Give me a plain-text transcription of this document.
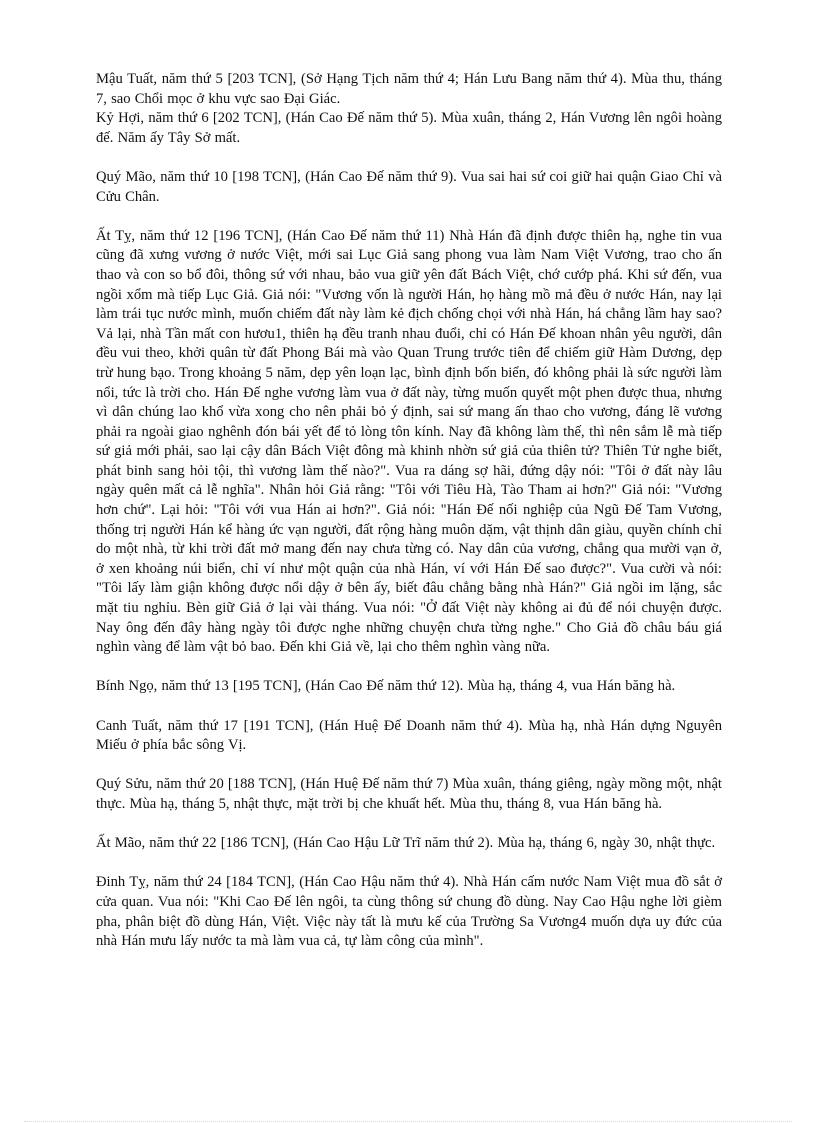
Mậu Tuất, năm thứ 5 [203 TCN], (Sở Hạng Tịch năm thứ 4; Hán Lưu Bang năm thứ 4). Mùa thu, tháng 7, sao Chổi mọc ở khu vực sao Đại Giác.

Kỷ Hợi, năm thứ 6 [202 TCN], (Hán Cao Đế năm thứ 5). Mùa xuân, tháng 2, Hán Vương lên ngôi hoàng đế. Năm ấy Tây Sở mất.

Quý Mão, năm thứ 10 [198 TCN], (Hán Cao Đế năm thứ 9). Vua sai hai sứ coi giữ hai quận Giao Chỉ và Cửu Chân.

Ất Tỵ, năm thứ 12 [196 TCN], (Hán Cao Đế năm thứ 11) Nhà Hán đã định được thiên hạ, nghe tin vua cũng đã xưng vương ở nước Việt, mới sai Lục Giả sang phong vua làm Nam Việt Vương, trao cho ấn thao và con so bổ đôi, thông sứ với nhau, bảo vua giữ yên đất Bách Việt, chớ cướp phá. Khi sứ đến, vua ngồi xổm mà tiếp Lục Giả. Giả nói: "Vương vốn là người Hán, họ hàng mồ mả đều ở nước Hán, nay lại làm trái tục nước mình, muốn chiếm đất này làm kẻ địch chống chọi với nhà Hán, há chẳng lầm hay sao? Vả lại, nhà Tần mất con hươu1, thiên hạ đều tranh nhau đuổi, chỉ có Hán Đế khoan nhân yêu người, dân đều vui theo, khởi quân từ đất Phong Bái mà vào Quan Trung trước tiên để chiếm giữ Hàm Dương, dẹp trừ hung bạo. Trong khoảng 5 năm, dẹp yên loạn lạc, bình định bốn biển, đó không phải là sức người làm nổi, tức là trời cho. Hán Đế nghe vương làm vua ở đất này, từng muốn quyết một phen được thua, nhưng vì dân chúng lao khổ vừa xong cho nên phải bỏ ý định, sai sứ mang ấn thao cho vương, đáng lẽ vương phải ra ngoài giao nghênh đón bái yết để tỏ lòng tôn kính. Nay đã không làm thế, thì nên sắm lễ mà tiếp sứ giả mới phải, sao lại cậy dân Bách Việt đông mà khinh nhờn sứ giả của thiên tử? Thiên Tử nghe biết, phát binh sang hỏi tội, thì vương làm thế nào?". Vua ra dáng sợ hãi, đứng dậy nói: "Tôi ở đất này lâu ngày quên mất cả lễ nghĩa". Nhân hỏi Giả rằng: "Tôi với Tiêu Hà, Tào Tham ai hơn?" Giả nói: "Vương hơn chứ". Lại hỏi: "Tôi với vua Hán ai hơn?". Giả nói: "Hán Đế nối nghiệp của Ngũ Đế Tam Vương, thống trị người Hán kể hàng ức vạn người, đất rộng hàng muôn dặm, vật thịnh dân giàu, quyền chính chỉ do một nhà, từ khi trời đất mở mang đến nay chưa từng có. Nay dân của vương, chẳng qua mười vạn ở, ở xen khoảng núi biển, chỉ ví như một quận của nhà Hán, ví với Hán Đế sao được?". Vua cười và nói: "Tôi lấy làm giận không được nổi dậy ở bên ấy, biết đâu chẳng bằng nhà Hán?" Giả ngồi im lặng, sắc mặt tiu nghỉu. Bèn giữ Giả ở lại vài tháng. Vua nói: "Ở đất Việt này không ai đủ để nói chuyện được. Nay ông đến đây hàng ngày tôi được nghe những chuyện chưa từng nghe." Cho Giả đồ châu báu giá nghìn vàng để làm vật bỏ bao. Đến khi Giả về, lại cho thêm nghìn vàng nữa.

Bính Ngọ, năm thứ 13 [195 TCN], (Hán Cao Đế năm thứ 12). Mùa hạ, tháng 4, vua Hán băng hà.

Canh Tuất, năm thứ 17 [191 TCN], (Hán Huệ Đế Doanh năm thứ 4). Mùa hạ, nhà Hán dựng Nguyên Miếu ở phía bắc sông Vị.

Quý Sửu, năm thứ 20 [188 TCN], (Hán Huệ Đế năm thứ 7) Mùa xuân, tháng giêng, ngày mồng một, nhật thực. Mùa hạ, tháng 5, nhật thực, mặt trời bị che khuất hết. Mùa thu, tháng 8, vua Hán băng hà.

Ất Mão, năm thứ 22 [186 TCN], (Hán Cao Hậu Lữ Trĩ năm thứ 2). Mùa hạ, tháng 6, ngày 30, nhật thực.

Đinh Tỵ, năm thứ 24 [184 TCN], (Hán Cao Hậu năm thứ 4). Nhà Hán cấm nước Nam Việt mua đồ sắt ở cửa quan. Vua nói: "Khi Cao Đế lên ngôi, ta cùng thông sứ chung đồ dùng. Nay Cao Hậu nghe lời gièm pha, phân biệt đồ dùng Hán, Việt. Việc này tất là mưu kế của Trường Sa Vương4 muốn dựa uy đức của nhà Hán mưu lấy nước ta mà làm vua cả, tự làm công của mình".
